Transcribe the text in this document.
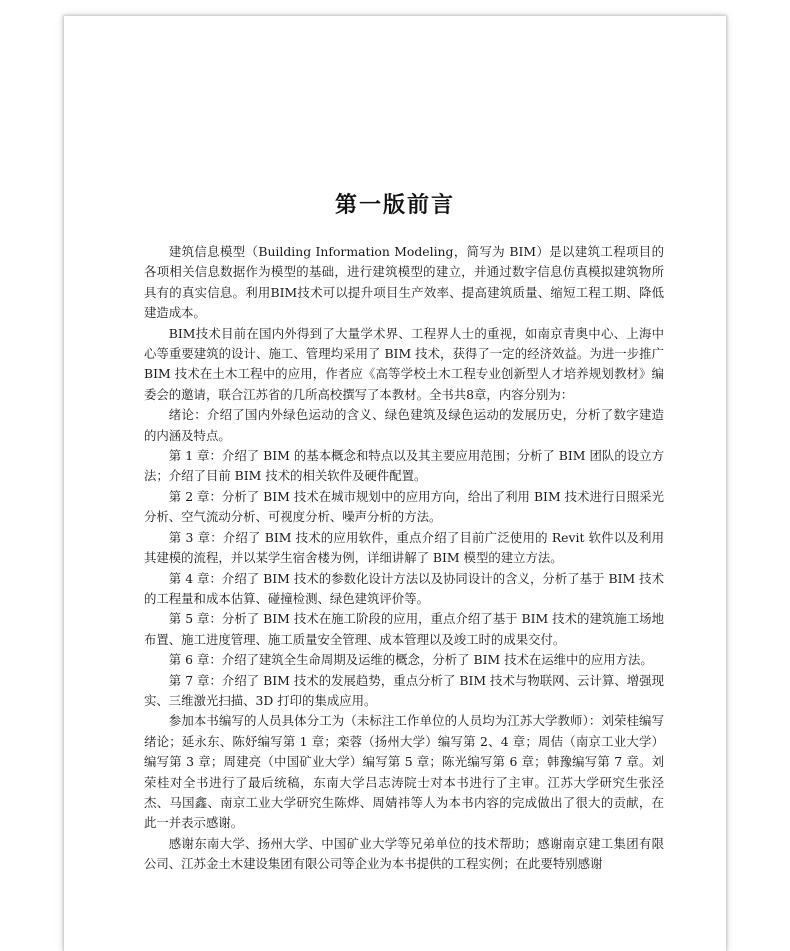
第一版前言

建筑信息模型（Building Information Modeling，简写为 BIM）是以建筑工程项目的各项相关信息数据作为模型的基础，进行建筑模型的建立，并通过数字信息仿真模拟建筑物所具有的真实信息。利用BIM技术可以提升项目生产效率、提高建筑质量、缩短工程工期、降低建造成本。

BIM技术目前在国内外得到了大量学术界、工程界人士的重视，如南京青奥中心、上海中心等重要建筑的设计、施工、管理均采用了 BIM 技术，获得了一定的经济效益。为进一步推广 BIM 技术在土木工程中的应用，作者应《高等学校土木工程专业创新型人才培养规划教材》编委会的邀请，联合江苏省的几所高校撰写了本教材。全书共8章，内容分别为：

绪论：介绍了国内外绿色运动的含义、绿色建筑及绿色运动的发展历史，分析了数字建造的内涵及特点。

第 1 章：介绍了 BIM 的基本概念和特点以及其主要应用范围；分析了 BIM 团队的设立方法；介绍了目前 BIM 技术的相关软件及硬件配置。

第 2 章：分析了 BIM 技术在城市规划中的应用方向，给出了利用 BIM 技术进行日照采光分析、空气流动分析、可视度分析、噪声分析的方法。

第 3 章：介绍了 BIM 技术的应用软件，重点介绍了目前广泛使用的 Revit 软件以及利用其建模的流程，并以某学生宿舍楼为例，详细讲解了 BIM 模型的建立方法。

第 4 章：介绍了 BIM 技术的参数化设计方法以及协同设计的含义，分析了基于 BIM 技术的工程量和成本估算、碰撞检测、绿色建筑评价等。

第 5 章：分析了 BIM 技术在施工阶段的应用，重点介绍了基于 BIM 技术的建筑施工场地布置、施工进度管理、施工质量安全管理、成本管理以及竣工时的成果交付。

第 6 章：介绍了建筑全生命周期及运维的概念，分析了 BIM 技术在运维中的应用方法。

第 7 章：介绍了 BIM 技术的发展趋势，重点分析了 BIM 技术与物联网、云计算、增强现实、三维激光扫描、3D 打印的集成应用。

参加本书编写的人员具体分工为（未标注工作单位的人员均为江苏大学教师）：刘荣桂编写绪论；延永东、陈妤编写第 1 章；栾蓉（扬州大学）编写第 2、4 章；周佶（南京工业大学）编写第 3 章；周建亮（中国矿业大学）编写第 5 章；陈光编写第 6 章；韩豫编写第 7 章。刘荣桂对全书进行了最后统稿，东南大学吕志涛院士对本书进行了主审。江苏大学研究生张泾杰、马国鑫、南京工业大学研究生陈烨、周婧祎等人为本书内容的完成做出了很大的贡献，在此一并表示感谢。

感谢东南大学、扬州大学、中国矿业大学等兄弟单位的技术帮助；感谢南京建工集团有限公司、江苏金土木建设集团有限公司等企业为本书提供的工程实例；在此要特别感谢
